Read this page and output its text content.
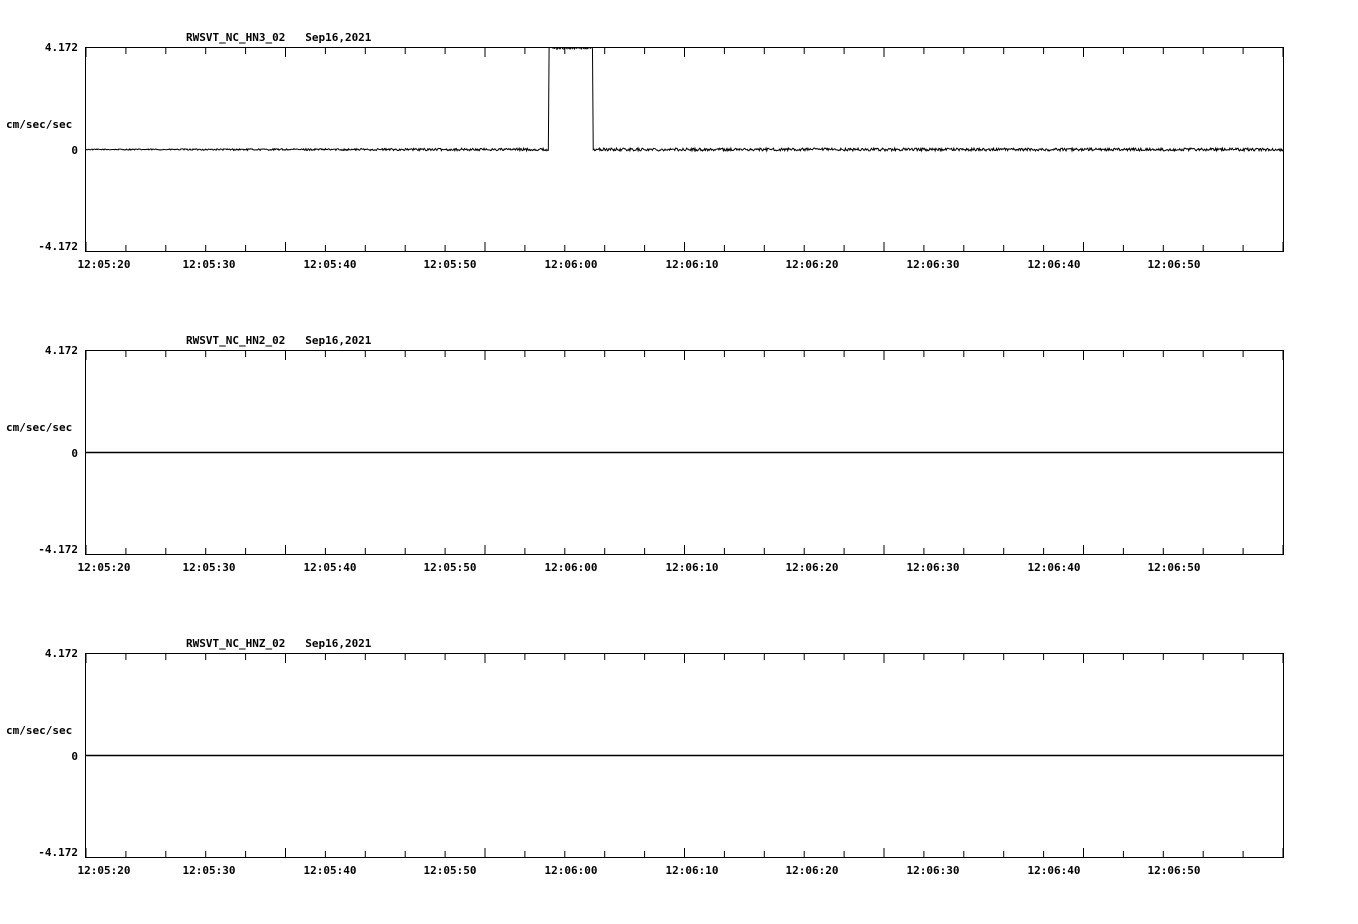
RWSVT_NC_HN3_02   Sep16,2021
cm/sec/sec
4.172
0
-4.172
12:05:20	12:05:30	12:05:40	12:05:50	12:06:00	12:06:10	12:06:20	12:06:30	12:06:40	12:06:50
RWSVT_NC_HN2_02   Sep16,2021
cm/sec/sec
4.172
0
-4.172
12:05:20	12:05:30	12:05:40	12:05:50	12:06:00	12:06:10	12:06:20	12:06:30	12:06:40	12:06:50
RWSVT_NC_HNZ_02   Sep16,2021
cm/sec/sec
4.172
0
-4.172
12:05:20	12:05:30	12:05:40	12:05:50	12:06:00	12:06:10	12:06:20	12:06:30	12:06:40	12:06:50
